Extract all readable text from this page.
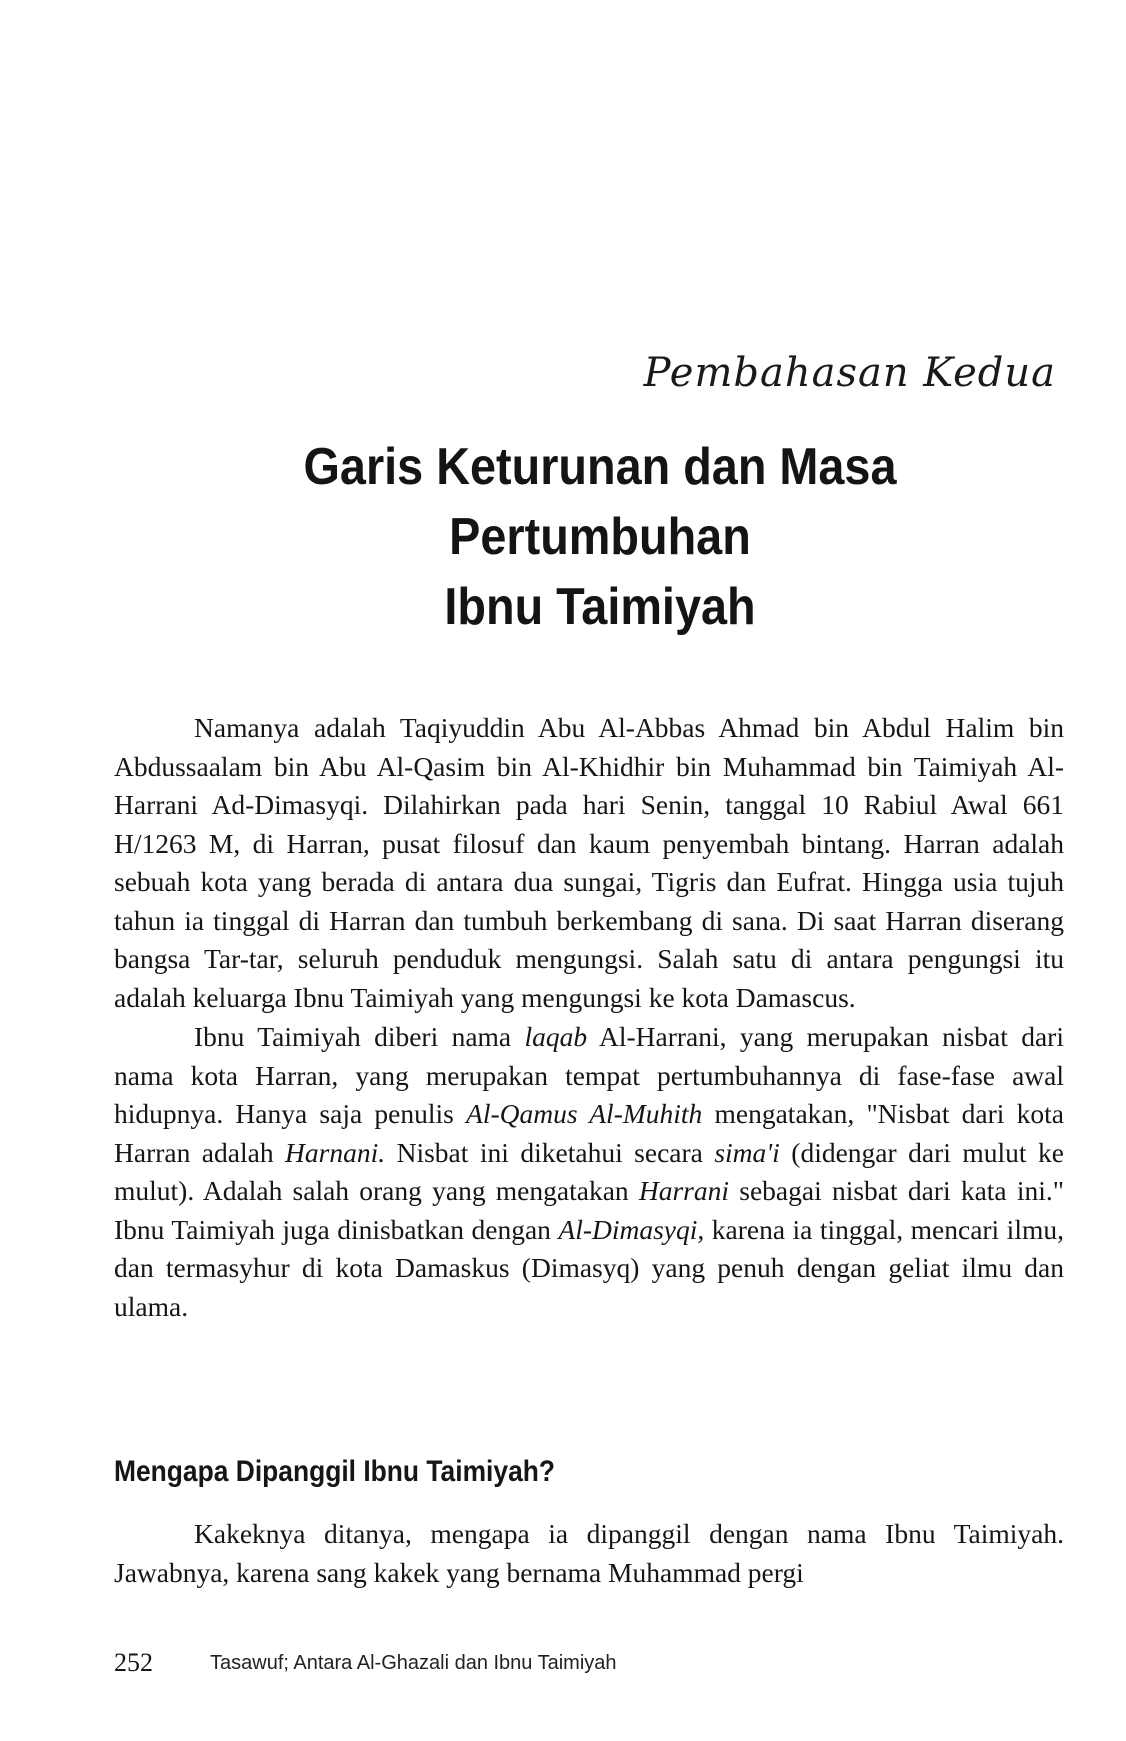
Pembahasan Kedua
Garis Keturunan dan Masa Pertumbuhan
Ibnu Taimiyah

Namanya adalah Taqiyuddin Abu Al-Abbas Ahmad bin Abdul Halim bin Abdussaalam bin Abu Al-Qasim bin Al-Khidhir bin Muhammad bin Taimiyah Al-Harrani Ad-Dimasyqi. Dilahirkan pada hari Senin, tanggal 10 Rabiul Awal 661 H/1263 M, di Harran, pusat filosuf dan kaum penyembah bintang. Harran adalah sebuah kota yang berada di antara dua sungai, Tigris dan Eufrat. Hingga usia tujuh tahun ia tinggal di Harran dan tumbuh berkembang di sana. Di saat Harran diserang bangsa Tar-tar, seluruh penduduk mengungsi. Salah satu di antara pengungsi itu adalah keluarga Ibnu Taimiyah yang mengungsi ke kota Damascus.

Ibnu Taimiyah diberi nama laqab Al-Harrani, yang merupakan nisbat dari nama kota Harran, yang merupakan tempat pertumbuhannya di fase-fase awal hidupnya. Hanya saja penulis Al-Qamus Al-Muhith mengatakan, "Nisbat dari kota Harran adalah Harnani. Nisbat ini diketahui secara sima'i (didengar dari mulut ke mulut). Adalah salah orang yang mengatakan Harrani sebagai nisbat dari kata ini." Ibnu Taimiyah juga dinisbatkan dengan Al-Dimasyqi, karena ia tinggal, mencari ilmu, dan termasyhur di kota Damaskus (Dimasyq) yang penuh dengan geliat ilmu dan ulama.

Mengapa Dipanggil Ibnu Taimiyah?

Kakeknya ditanya, mengapa ia dipanggil dengan nama Ibnu Taimiyah. Jawabnya, karena sang kakek yang bernama Muhammad pergi

252	Tasawuf; Antara Al-Ghazali dan Ibnu Taimiyah
